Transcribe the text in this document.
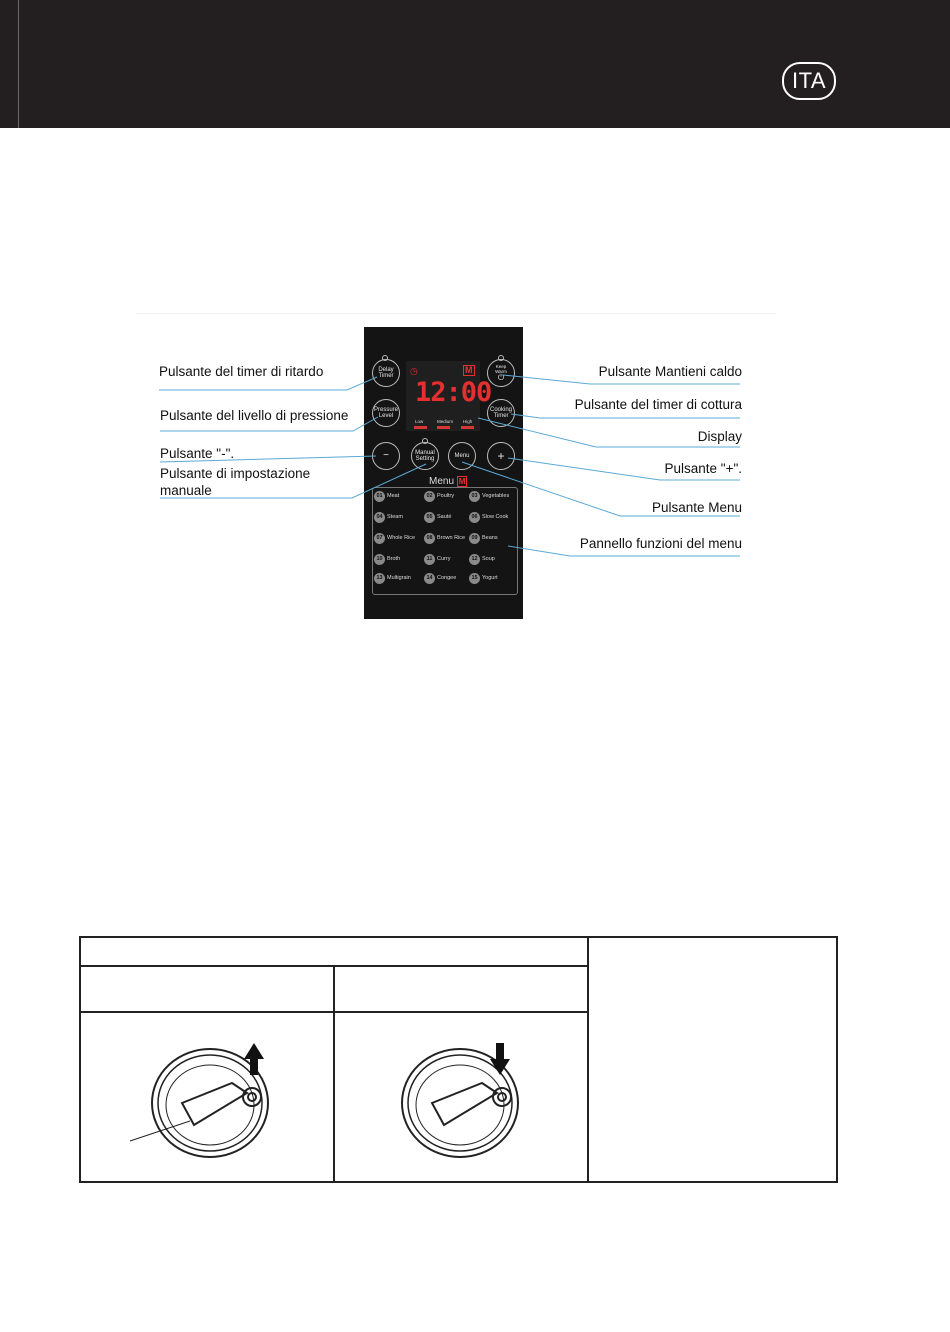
ITA
Delay Timer
Keep Warm
⏻
Pressure Level
Cooking Timer
◷	M
12:00
Low	Medium High
−	Manual Setting
Menu	+
Menu M
01 Meat	02 Poultry	03 Vegetables
04 Steam	05 Sauté	06 Slow Cook
07 Whole Rice	08 Brown Rice	09 Beans
10 Broth	11 Curry	12 Soup
13 Multigrain	14 Congee	15 Yogurt
Pulsante del timer di ritardo
Pulsante del livello di pressione
Pulsante "-".
Pulsante di impostazione
manuale
Pulsante Mantieni caldo
Pulsante del timer di cottura
Display
Pulsante "+".
Pulsante Menu
Pannello funzioni del menu
